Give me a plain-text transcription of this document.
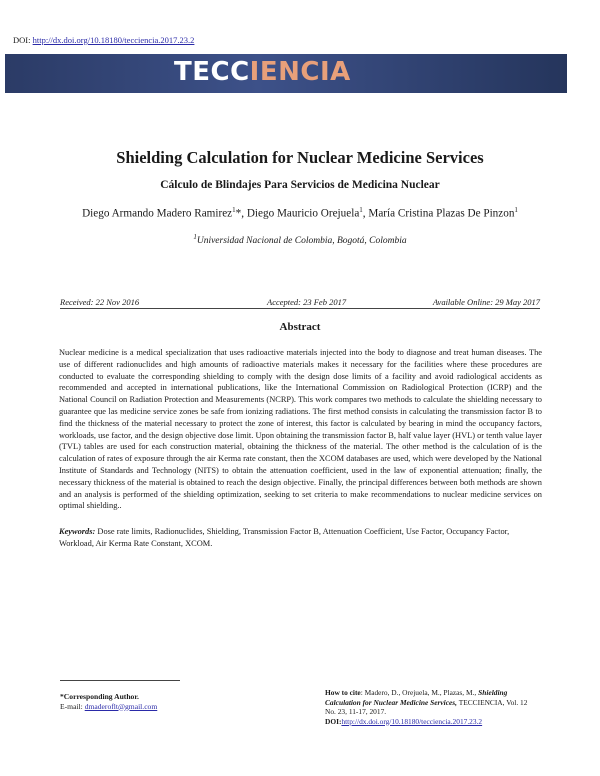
DOI: http://dx.doi.org/10.18180/tecciencia.2017.23.2
TECCIENCIA
Shielding Calculation for Nuclear Medicine Services
Cálculo de Blindajes Para Servicios de Medicina Nuclear
Diego Armando Madero Ramirez$^1$*, Diego Mauricio Orejuela$^1$, María Cristina Plazas De Pinzon$^1$
$^1$Universidad Nacional de Colombia, Bogotá, Colombia
Received: 22 Nov 2016	Accepted: 23 Feb 2017	Available Online: 29 May 2017
Abstract
Nuclear medicine is a medical specialization that uses radioactive materials injected into the body to diagnose and treat human diseases. The use of different radionuclides and high amounts of radioactive materials makes it necessary for the facilities where these procedures are conducted to evaluate the corresponding shielding to comply with the design dose limits of a facility and avoid radiological accidents as recommended and accepted in international publications, like the International Commission on Radiological Protection (ICRP) and the National Council on Radiation Protection and Measurements (NCRP). This work compares two methods to calculate the shielding necessary to guarantee que las medicine service zones be safe from ionizing radiations. The first method consists in calculating the transmission factor B to find the thickness of the material necessary to protect the zone of interest, this factor is calculated by bearing in mind the occupancy factors, workloads, use factor, and the design objective dose limit. Upon obtaining the transmission factor B, half value layer (HVL) or tenth value layer (TVL) tables are used for each construction material, obtaining the thickness of the material. The other method is the calculation of is the calculation of rates of exposure through the air Kerma rate constant, then the XCOM databases are used, which were developed by the National Institute of Standards and Technology (NITS) to obtain the attenuation coefficient, used in the law of exponential attenuation; finally, the necessary thickness of the material is obtained to reach the design objective. Finally, the principal differences between both methods are shown and an analysis is performed of the shielding optimization, seeking to set criteria to make recommendations to nuclear medicine services on optimal shielding..
Keywords: Dose rate limits, Radionuclides, Shielding, Transmission Factor B, Attenuation Coefficient, Use Factor, Occupancy Factor, Workload, Air Kerma Rate Constant, XCOM.
*Corresponding Author.
E-mail: dmaderoflt@gmail.com
How to cite: Madero, D., Orejuela, M., Plazas, M., Shielding Calculation for Nuclear Medicine Services, TECCIENCIA, Vol. 12 No. 23, 11-17, 2017.
DOI:http://dx.doi.org/10.18180/tecciencia.2017.23.2
